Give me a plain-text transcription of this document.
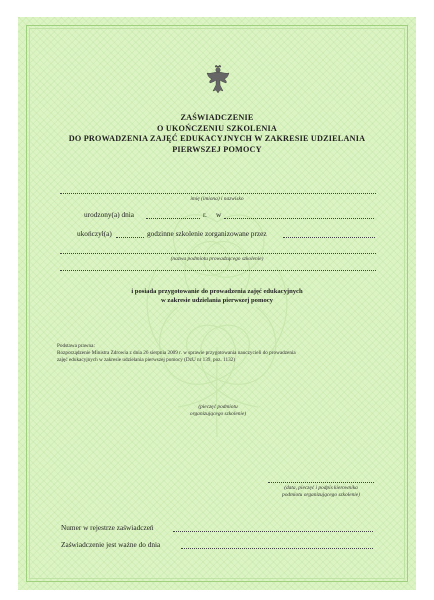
ZAŚWIADCZENIE
O UKOŃCZENIU SZKOLENIA
DO PROWADZENIA ZAJĘĆ EDUKACYJNYCH W ZAKRESIE UDZIELANIA
PIERWSZEJ POMOCY
imię (imiona) i nazwisko
urodzony(a) dnia	r. w
ukończył(a)	godzinne szkolenie zorganizowane przez
(nazwa podmiotu prowadzącego szkolenie)
i posiada przygotowanie do prowadzenia zajęć edukacyjnych
w zakresie udzielania pierwszej pomocy
Podstawa prawna:
Rozporządzenie Ministra Zdrowia z dnia 26 sierpnia 2009 r. w sprawie przygotowania nauczycieli do prowadzenia
zajęć edukacyjnych w zakresie udzielania pierwszej pomocy (DzU nr 139, poz. 1132)
(pieczęć podmiotu
organizującego szkolenie)
(data, pieczęć i podpis kierownika
podmiotu organizującego szkolenie)
Numer w rejestrze zaświadczeń
Zaświadczenie jest ważne do dnia
